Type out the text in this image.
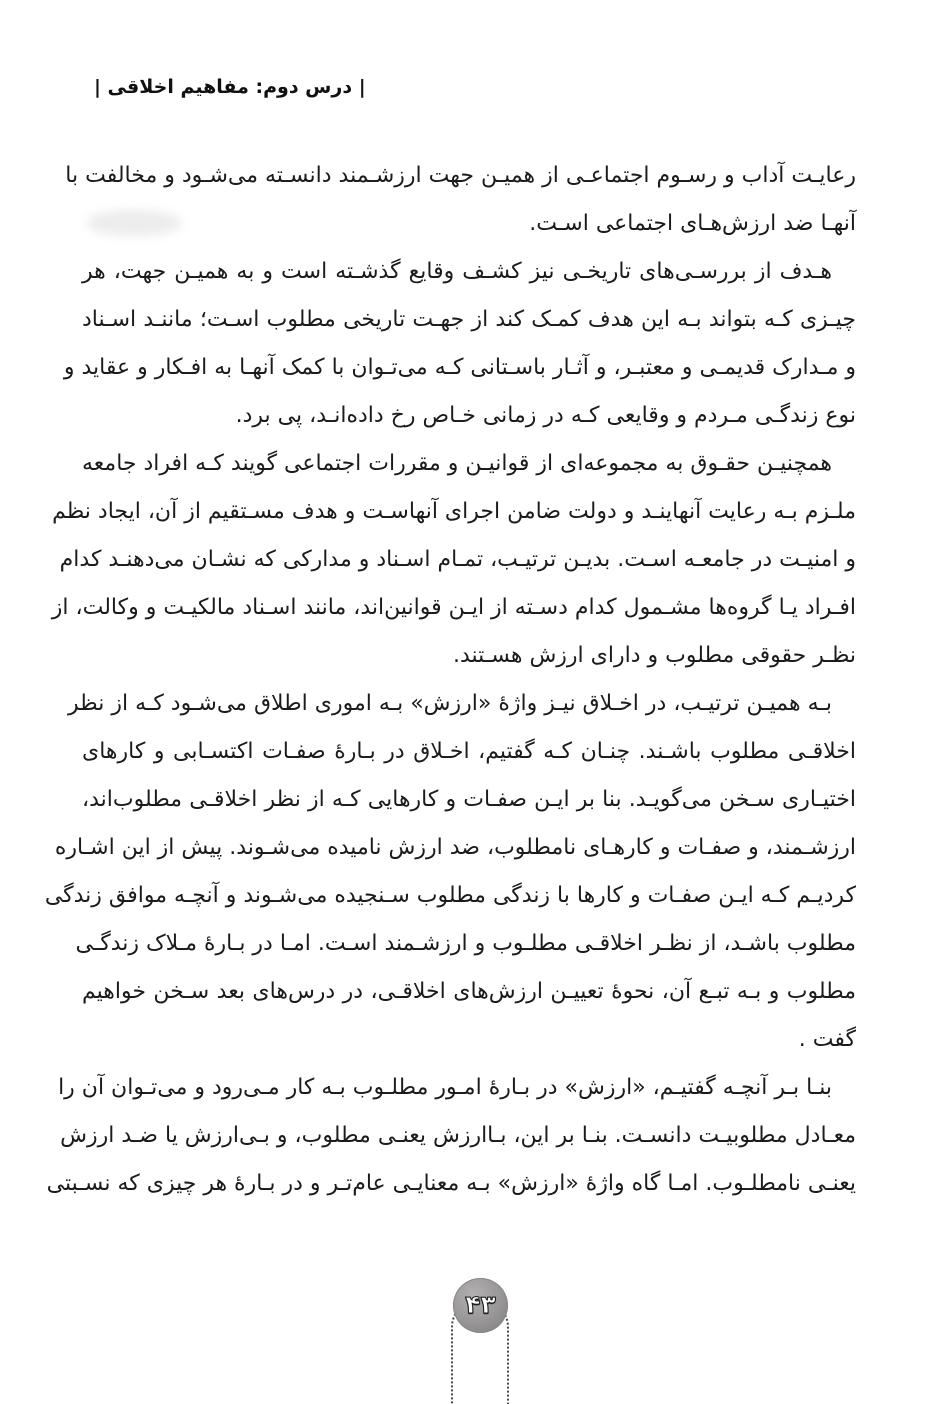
| درس دوم: مفاهیم اخلاقی |
رعایـت آداب و رسـوم اجتماعـی از همیـن جهت ارزشـمند دانسـته می‌شـود و مخالفت با
آنهـا ضد ارزش‌هـای اجتماعی اسـت.
هـدف از بررسـی‌های تاریخـی نیز کشـف وقایع گذشـته است و به همیـن جهت، هر
چیـزی کـه بتواند بـه این هدف کمـک کند از جهـت تاریخی مطلوب اسـت؛ ماننـد اسـناد
و مـدارک قدیمـی و معتبـر، و آثـار باسـتانی کـه می‌تـوان با کمک آنهـا به افـکار و عقاید و
نوع زندگـی مـردم و وقایعی کـه در زمانی خـاص رخ داده‌انـد، پی برد.
همچنیـن حقـوق به مجموعه‌ای از قوانیـن و مقررات اجتماعی گویند کـه افراد جامعه
ملـزم بـه رعایت آنهاینـد و دولت ضامن اجرای آنهاسـت و هدف مسـتقیم از آن، ایجاد نظم
و امنیـت در جامعـه اسـت. بدیـن ترتیـب، تمـام اسـناد و مدارکی که نشـان می‌دهنـد کدام
افـراد یـا گروه‌ها مشـمول کدام دسـته از ایـن قوانین‌اند، مانند اسـناد مالکیـت و وکالت، از
نظـر حقوقی مطلوب و دارای ارزش هسـتند.
بـه همیـن ترتیـب، در اخـلاق نیـز واژهٔ «ارزش» بـه اموری اطلاق می‌شـود کـه از نظر
اخلاقـی مطلوب باشـند. چنـان کـه گفتیم، اخـلاق در بـارهٔ صفـات اکتسـابی و کارهای
اختیـاری سـخن می‌گویـد. بنا بر ایـن صفـات و کارهایی کـه از نظر اخلاقـی مطلوب‌اند،
ارزشـمند، و صفـات و کارهـای نامطلوب، ضد ارزش نامیده می‌شـوند. پیش از این اشـاره
کردیـم کـه ایـن صفـات و کارها با زندگی مطلوب سـنجیده می‌شـوند و آنچـه موافق زندگی
مطلوب باشـد، از نظـر اخلاقـی مطلـوب و ارزشـمند اسـت. امـا در بـارهٔ مـلاک زندگـی
مطلوب و بـه تبـع آن، نحوهٔ تعییـن ارزش‌های اخلاقـی، در درس‌های بعد سـخن خواهیم
گفت .
بنـا بـر آنچـه گفتیـم، «ارزش» در بـارهٔ امـور مطلـوب بـه کار مـی‌رود و می‌تـوان آن را
معـادل مطلوبیـت دانسـت. بنـا بر این، بـاارزش یعنـی مطلوب، و بـی‌ارزش یا ضـد ارزش
یعنـی نامطلـوب. امـا گاه واژهٔ «ارزش» بـه معنایـی عام‌تـر و در بـارهٔ هر چیزی که نسـبتی
۴۳
